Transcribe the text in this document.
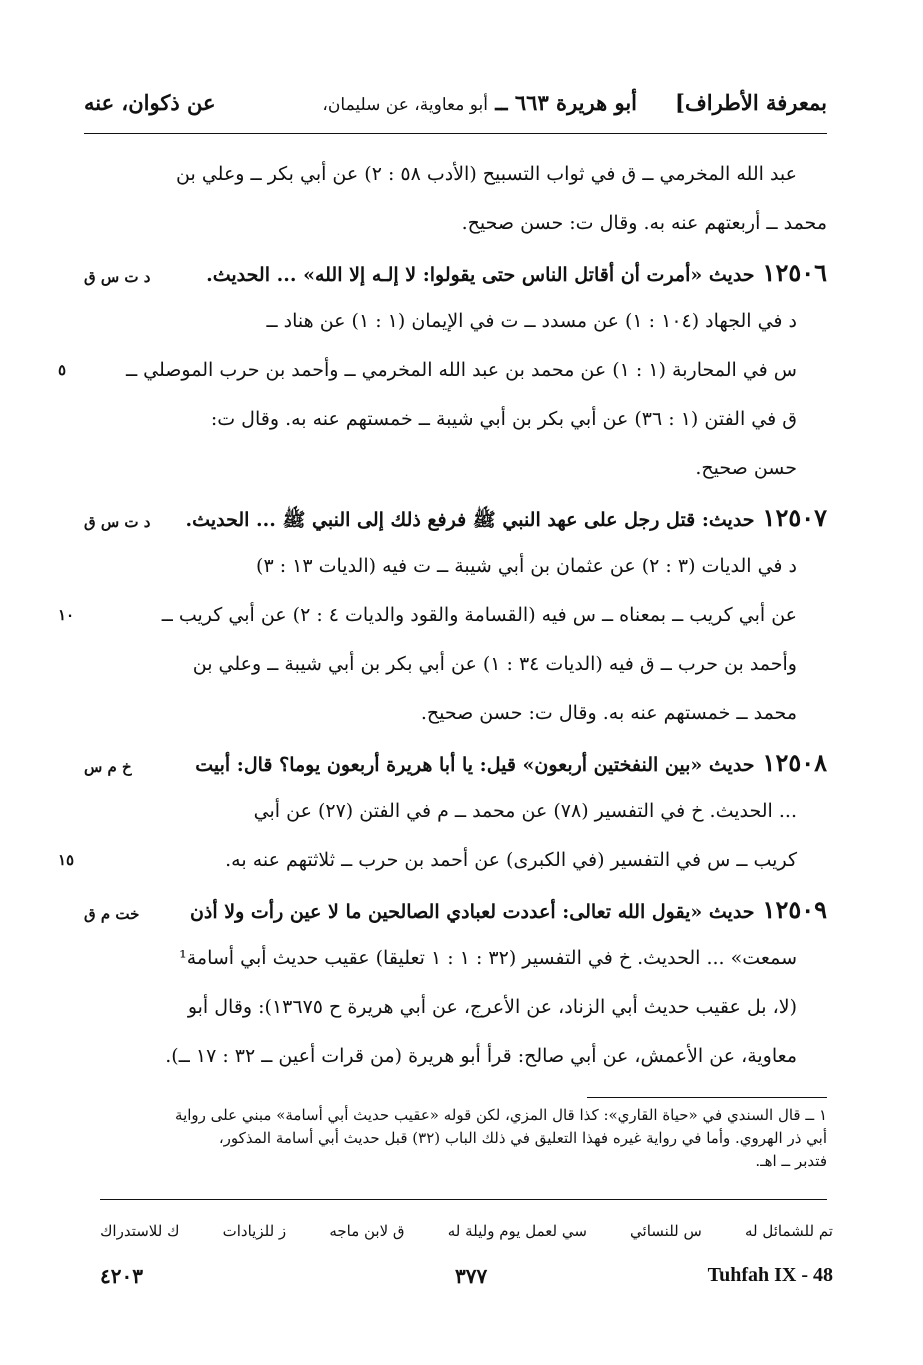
بمعرفة الأطراف]
أبو هريرة ٦٦٣ ــ أبو معاوية، عن سليمان،
عن ذكوان، عنه
عبد الله المخرمي ــ ق في ثواب التسبيح (الأدب ٥٨ : ٢) عن أبي بكر ــ وعلي بن
محمد ــ أربعتهم عنه به. وقال ت: حسن صحيح.
١٢٥٠٦حديث «أمرت أن أقاتل الناس حتى يقولوا: لا إلـه إلا الله» ... الحديث.
د ت س ق
د في الجهاد (١٠٤ : ١) عن مسدد ــ ت في الإيمان (١ : ١) عن هناد ــ
س في المحاربة (١ : ١) عن محمد بن عبد الله المخرمي ــ وأحمد بن حرب الموصلي ــ
٥
ق في الفتن (١ : ٣٦) عن أبي بكر بن أبي شيبة ــ خمستهم عنه به. وقال ت:
حسن صحيح.
١٢٥٠٧حديث: قتل رجل على عهد النبي ﷺ فرفع ذلك إلى النبي ﷺ ... الحديث.
د ت س ق
د في الديات (٣ : ٢) عن عثمان بن أبي شيبة ــ ت فيه (الديات ١٣ : ٣)
عن أبي كريب ــ بمعناه ــ س فيه (القسامة والقود والديات ٤ : ٢) عن أبي كريب ــ
١٠
وأحمد بن حرب ــ ق فيه (الديات ٣٤ : ١) عن أبي بكر بن أبي شيبة ــ وعلي بن
محمد ــ خمستهم عنه به. وقال ت: حسن صحيح.
١٢٥٠٨حديث «بين النفختين أربعون» قيل: يا أبا هريرة أربعون يوما؟ قال: أبيت
خ م س
... الحديث. خ في التفسير (٧٨) عن محمد ــ م في الفتن (٢٧) عن أبي
كريب ــ س في التفسير (في الكبرى) عن أحمد بن حرب ــ ثلاثتهم عنه به.
١٥
١٢٥٠٩حديث «يقول الله تعالى: أعددت لعبادي الصالحين ما لا عين رأت ولا أذن
خت م ق
سمعت» ... الحديث. خ في التفسير (٣٢ : ١ : ١ تعليقا) عقيب حديث أبي أسامة¹
(لا، بل عقيب حديث أبي الزناد، عن الأعرج، عن أبي هريرة ح ١٣٦٧٥): وقال أبو
معاوية، عن الأعمش، عن أبي صالح: قرأ أبو هريرة (من قرات أعين ــ ٣٢ : ١٧ ــ).
١ ــ قال السندي في «حياة القاري»: كذا قال المزي، لكن قوله «عقيب حديث أبي أسامة» مبني على رواية
أبي ذر الهروي. وأما في رواية غيره فهذا التعليق في ذلك الباب (٣٢) قبل حديث أبي أسامة المذكور،
فتدبر ــ اهـ.
تم للشمائل له
س للنسائي
سي لعمل يوم وليلة له
ق لابن ماجه
ز للزيادات
ك للاستدراك
٤٢٠٣	٣٧٧	Tuhfah IX - 48
